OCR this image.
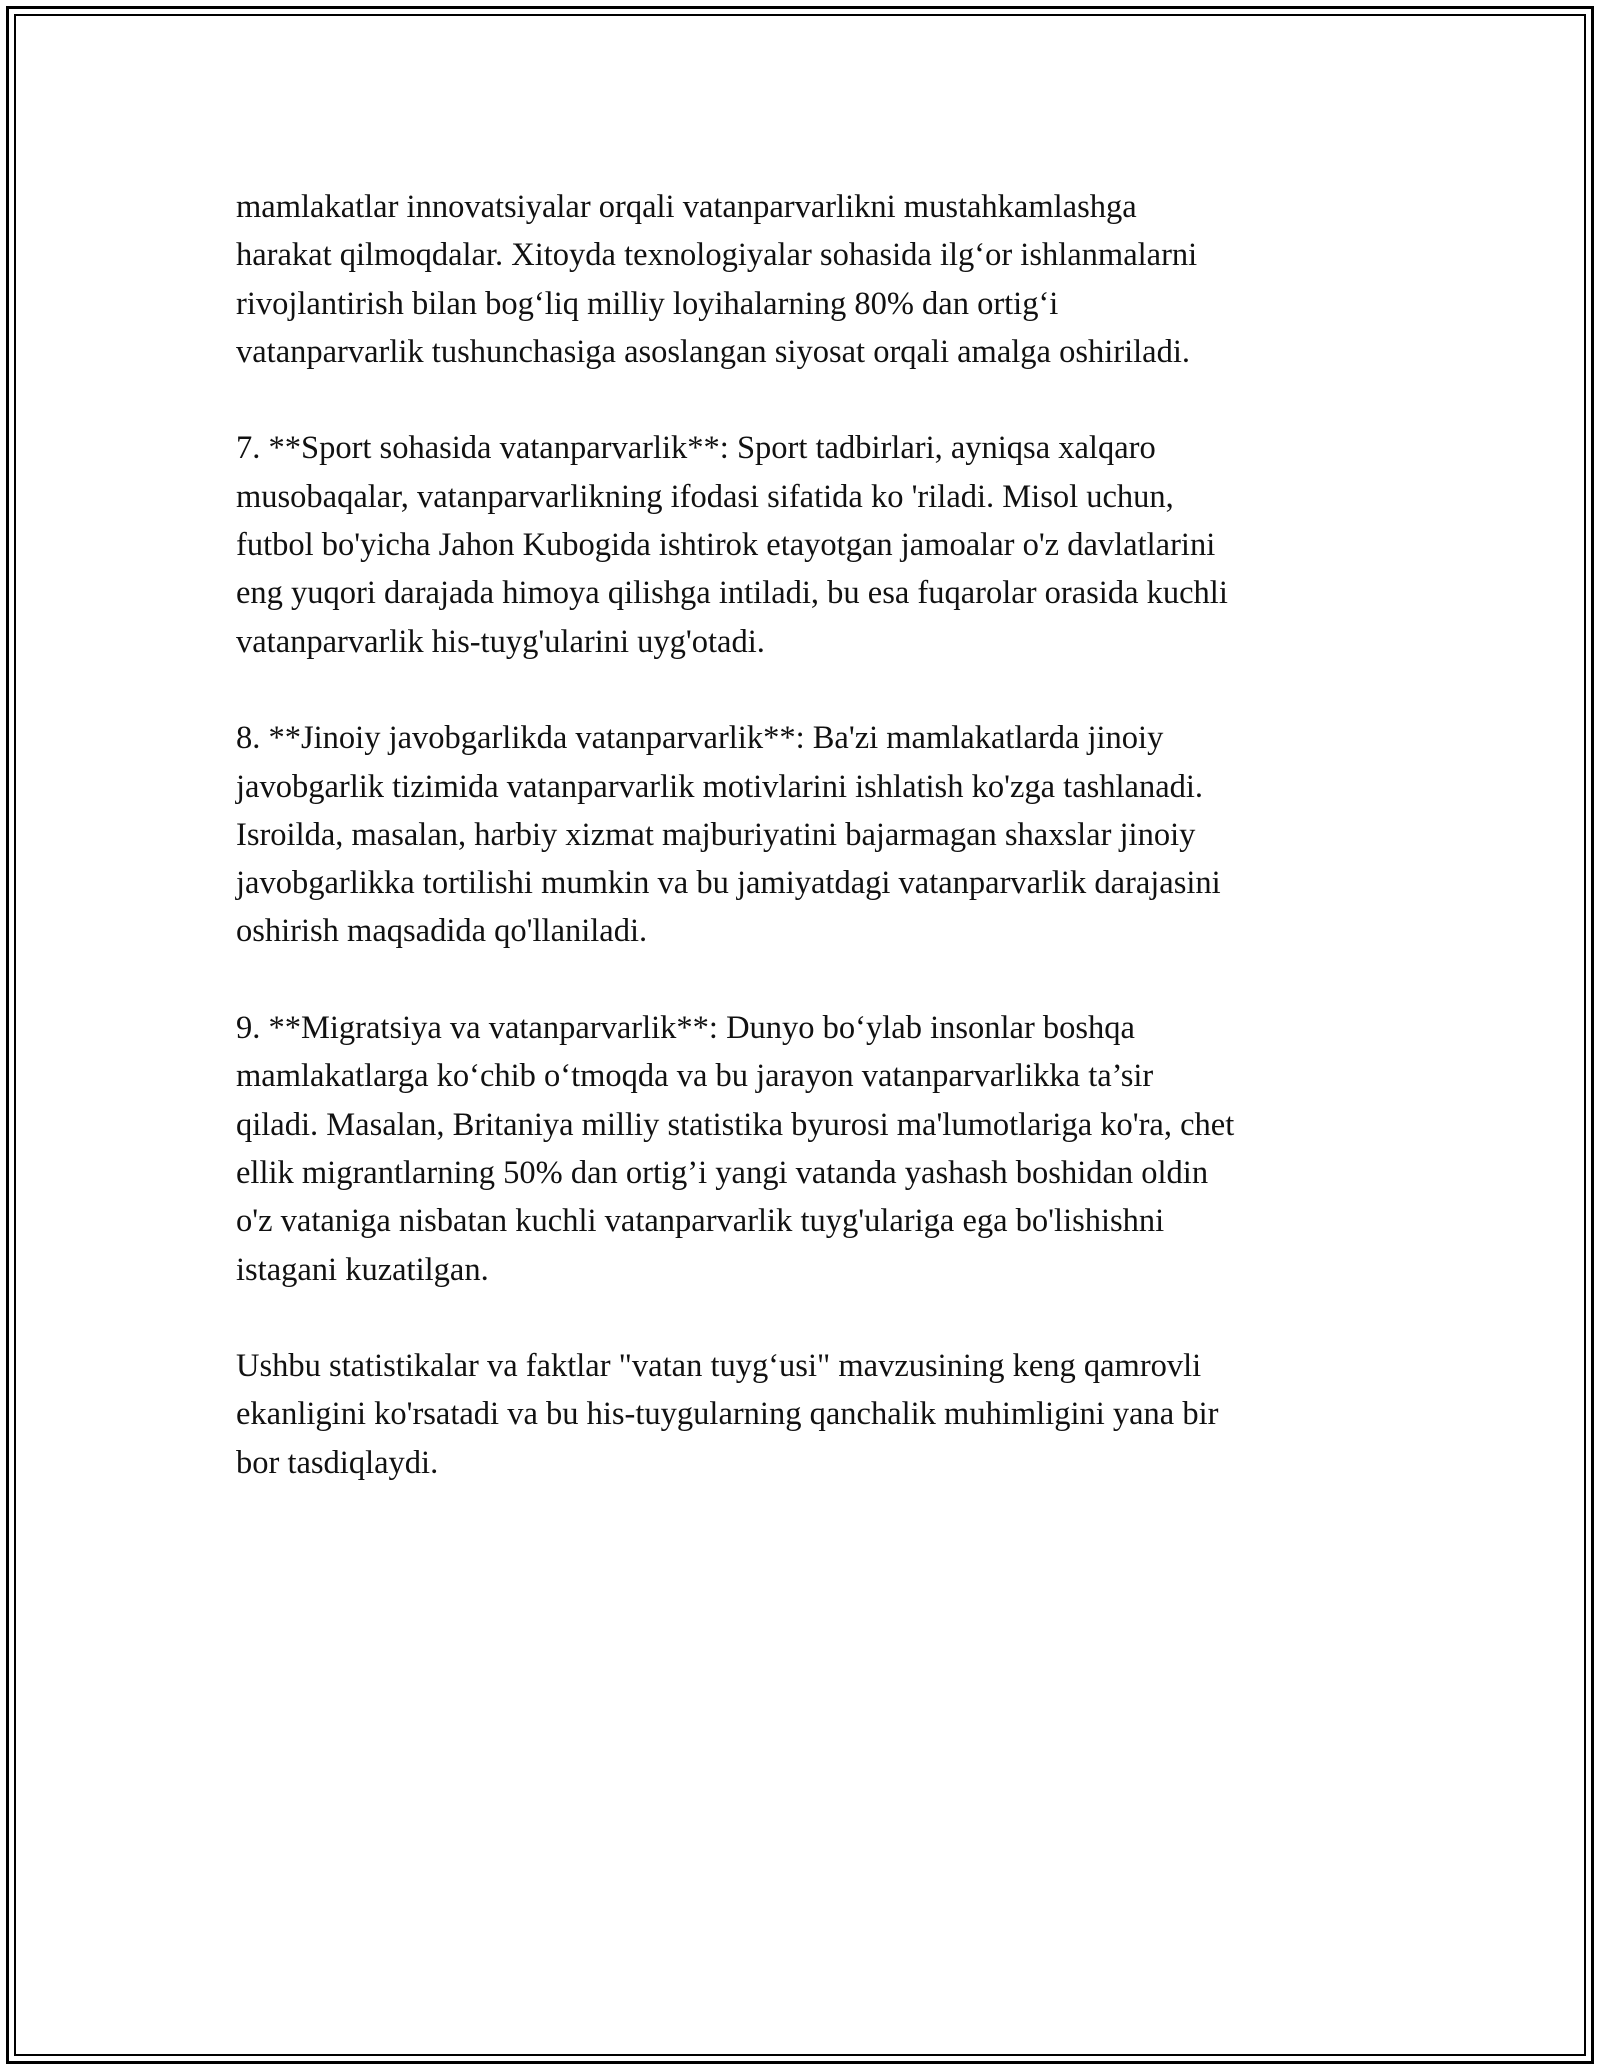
mamlakatlar innovatsiyalar orqali vatanparvarlikni mustahkamlashga
harakat qilmoqdalar. Xitoyda texnologiyalar sohasida ilg‘or ishlanmalarni
rivojlantirish bilan bog‘liq milliy loyihalarning 80% dan ortig‘i
vatanparvarlik tushunchasiga asoslangan siyosat orqali amalga oshiriladi.

7. **Sport sohasida vatanparvarlik**: Sport tadbirlari, ayniqsa xalqaro
musobaqalar, vatanparvarlikning ifodasi sifatida ko 'riladi. Misol uchun,
futbol bo'yicha Jahon Kubogida ishtirok etayotgan jamoalar o'z davlatlarini
eng yuqori darajada himoya qilishga intiladi, bu esa fuqarolar orasida kuchli
vatanparvarlik his-tuyg'ularini uyg'otadi.

8. **Jinoiy javobgarlikda vatanparvarlik**: Ba'zi mamlakatlarda jinoiy
javobgarlik tizimida vatanparvarlik motivlarini ishlatish ko'zga tashlanadi.
Isroilda, masalan, harbiy xizmat majburiyatini bajarmagan shaxslar jinoiy
javobgarlikka tortilishi mumkin va bu jamiyatdagi vatanparvarlik darajasini
oshirish maqsadida qo'llaniladi.

9. **Migratsiya va vatanparvarlik**: Dunyo bo‘ylab insonlar boshqa
mamlakatlarga ko‘chib o‘tmoqda va bu jarayon vatanparvarlikka ta’sir
qiladi. Masalan, Britaniya milliy statistika byurosi ma'lumotlariga ko'ra, chet
ellik migrantlarning 50% dan ortig’i yangi vatanda yashash boshidan oldin
o'z vataniga nisbatan kuchli vatanparvarlik tuyg'ulariga ega bo'lishishni
istagani kuzatilgan.

Ushbu statistikalar va faktlar "vatan tuyg‘usi" mavzusining keng qamrovli
ekanligini ko'rsatadi va bu his-tuygularning qanchalik muhimligini yana bir
bor tasdiqlaydi.
